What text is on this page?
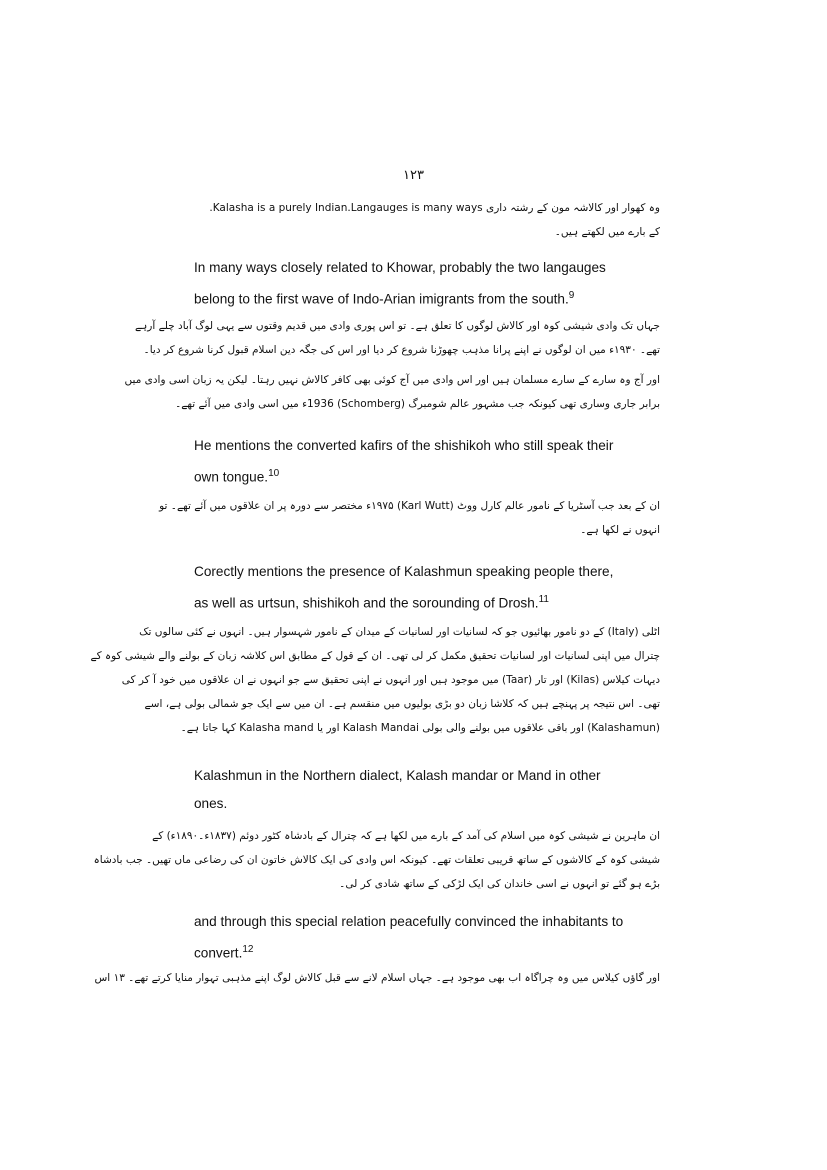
۱۲۳
وہ کھوار اور کالاشہ مون کے رشتہ داری Kalasha is a purely Indian.Langauges is many ways.
کے بارے میں لکھتے ہیں۔
In many ways closely related to Khowar, probably the two langauges
belong to the first wave of Indo-Arian imigrants from the south.$^9$
جہاں تک وادی شیشی کوہ اور کالاش لوگوں کا تعلق ہے۔ تو اس پوری وادی میں قدیم وقتوں سے یہی لوگ آباد چلے آرہے
تھے۔ ۱۹۳۰ء میں ان لوگوں نے اپنے پرانا مذہب چھوڑنا شروع کر دیا اور اس کی جگہ دین اسلام قبول کرنا شروع کر دیا۔
اور آج وہ سارے کے سارے مسلمان ہیں اور اس وادی میں آج کوئی بھی کافر کالاش نہیں رہتا۔ لیکن یہ زبان اسی وادی میں
برابر جاری وساری تھی کیونکہ جب مشہور عالم شومبرگ (Schomberg) 1936ء میں اسی وادی میں آئے تھے۔
He mentions the converted kafirs of the shishikoh who still speak their
own tongue.$^{10}$
ان کے بعد جب آسٹریا کے نامور عالم کارل ووٹ (Karl Wutt) ۱۹۷۵ء مختصر سے دورہ پر ان علاقوں میں آئے تھے۔ تو
انہوں نے لکھا ہے۔
Corectly mentions the presence of Kalashmun speaking people there,
as well as urtsun, shishikoh and the sorounding of Drosh.$^{11}$
اٹلی (Italy) کے دو نامور بھائیوں جو کہ لسانیات اور لسانیات کے میدان کے نامور شہسوار ہیں۔ انہوں نے کئی سالوں تک
چترال میں اپنی لسانیات اور لسانیات تحقیق مکمل کر لی تھی۔ ان کے قول کے مطابق اس کلاشہ زبان کے بولنے والے شیشی کوہ کے
دیہات کیلاس (Kilas) اور تار (Taar) میں موجود ہیں اور انہوں نے اپنی تحقیق سے جو انہوں نے ان علاقوں میں خود آ کر کی
تھی۔ اس نتیجہ پر پہنچے ہیں کہ کلاشا زبان دو بڑی بولیوں میں منقسم ہے۔ ان میں سے ایک جو شمالی بولی ہے، اسے
(Kalashamun) اور باقی علاقوں میں بولنے والی بولی Kalash Mandai اور یا Kalasha mand کہا جاتا ہے۔
Kalashmun in the Northern dialect, Kalash mandar or Mand in other
ones.
ان ماہرین نے شیشی کوہ میں اسلام کی آمد کے بارے میں لکھا ہے کہ چترال کے بادشاہ کٹور دوئم (۱۸۳۷ء۔۱۸۹۰ء) کے
شیشی کوہ کے کالاشوں کے ساتھ قریبی تعلقات تھے۔ کیونکہ اس وادی کی ایک کالاش خاتون ان کی رضاعی ماں تھیں۔ جب بادشاہ
بڑے ہو گئے تو انہوں نے اسی خاندان کی ایک لڑکی کے ساتھ شادی کر لی۔
and through this special relation peacefully convinced the inhabitants to
convert.$^{12}$
اور گاؤں کیلاس میں وہ چراگاہ اب بھی موجود ہے۔ جہاں اسلام لانے سے قبل کالاش لوگ اپنے مذہبی تہوار منایا کرتے تھے۔ ۱۳ اس
